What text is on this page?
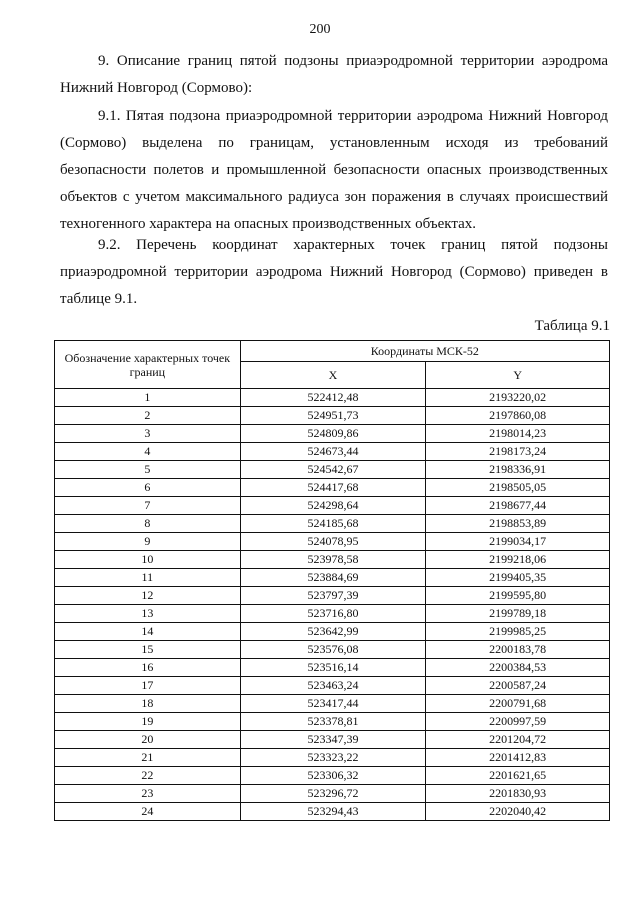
200

9. Описание границ пятой подзоны приаэродромной территории аэродрома Нижний Новгород (Сормово):

9.1. Пятая подзона приаэродромной территории аэродрома Нижний Новгород (Сормово) выделена по границам, установленным исходя из требований безопасности полетов и промышленной безопасности опасных производственных объектов с учетом максимального радиуса зон поражения в случаях происшествий техногенного характера на опасных производственных объектах.

9.2. Перечень координат характерных точек границ пятой подзоны приаэродромной территории аэродрома Нижний Новгород (Сормово) приведен в таблице 9.1.

Таблица 9.1
Обозначение характерных точек границ	Координаты МСК-52	
	X	Y
1	522412,48	2193220,02
2	524951,73	2197860,08
3	524809,86	2198014,23
4	524673,44	2198173,24
5	524542,67	2198336,91
6	524417,68	2198505,05
7	524298,64	2198677,44
8	524185,68	2198853,89
9	524078,95	2199034,17
10	523978,58	2199218,06
11	523884,69	2199405,35
12	523797,39	2199595,80
13	523716,80	2199789,18
14	523642,99	2199985,25
15	523576,08	2200183,78
16	523516,14	2200384,53
17	523463,24	2200587,24
18	523417,44	2200791,68
19	523378,81	2200997,59
20	523347,39	2201204,72
21	523323,22	2201412,83
22	523306,32	2201621,65
23	523296,72	2201830,93
24	523294,43	2202040,42
